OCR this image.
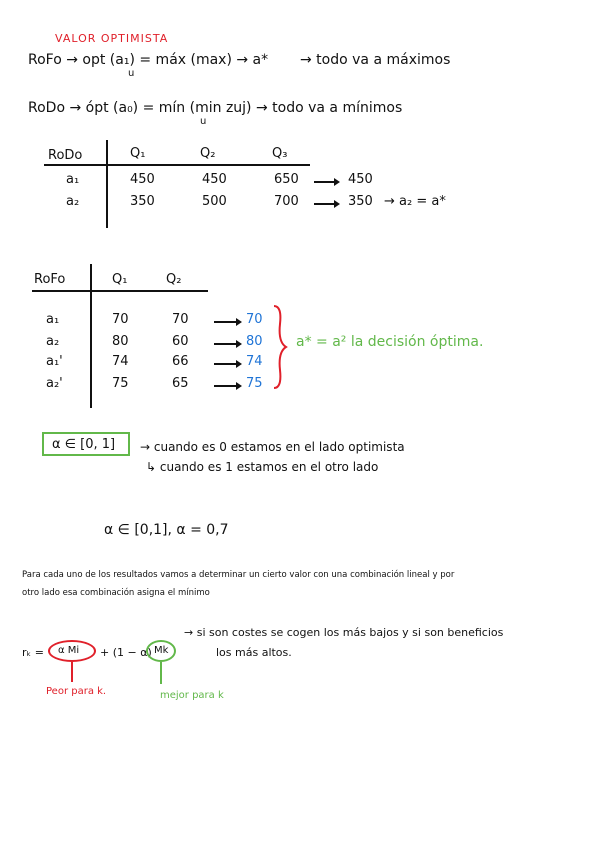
VALOR OPTIMISTA
RoFo → opt (a₁) = máx (max) → a*
u
→ todo va a máximos
RoDo → ópt (a₀) = mín (min zuj) → todo va a mínimos
u
RoDo	Q₁	Q₂	Q₃
a₁	450	450	650	450
a₂	350	500	700	350 → a₂ = a*
RoFo	Q₁	Q₂
a₁	70	70	70
a₂	80	60	80
a₁'	74	66	74
a₂'	75	65	75
a* = a² la decisión óptima.
α ∈ [0, 1] → cuando es 0 estamos en el lado optimista
↳ cuando es 1 estamos en el otro lado
α ∈ [0,1], α = 0,7
Para cada uno de los resultados vamos a determinar un cierto valor con una combinación lineal y por
otro lado esa combinación asigna el mínimo
rₖ = α Mi + (1 − α) Mk
→ si son costes se cogen los más bajos y si son beneficios
los más altos.
Peor para k.	mejor para k
